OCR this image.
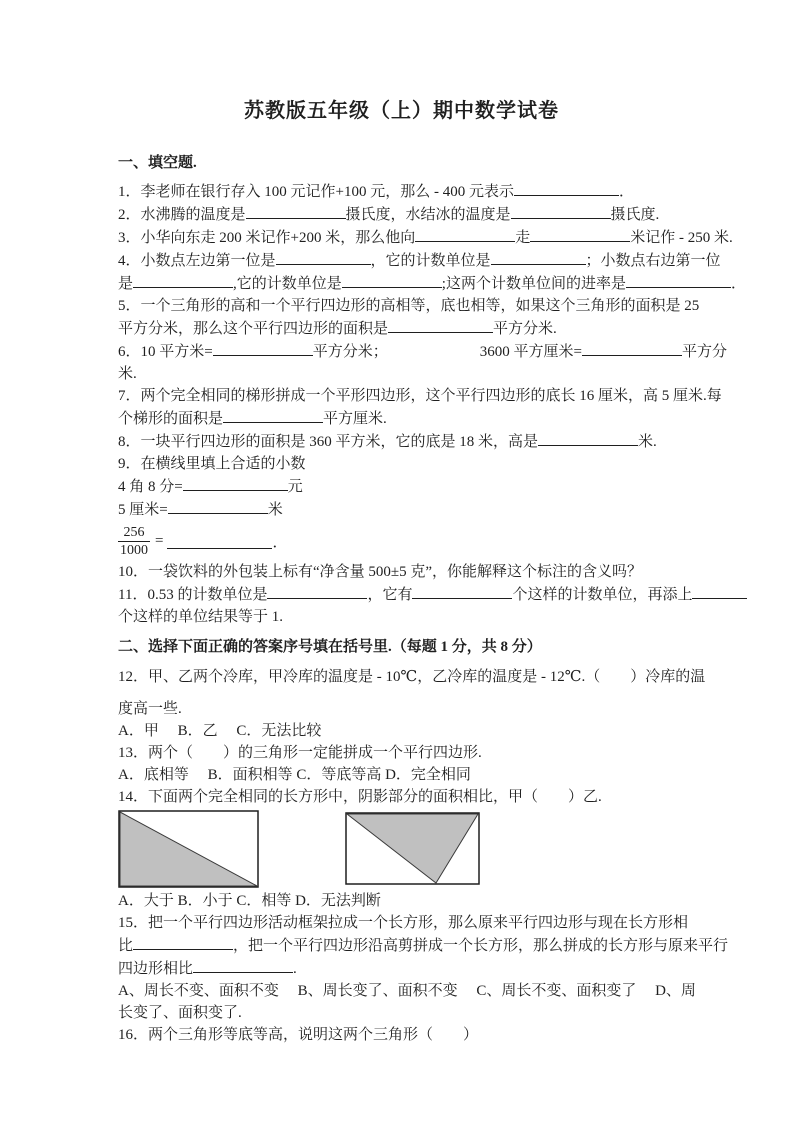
苏教版五年级（上）期中数学试卷
一、填空题.
1．李老师在银行存入 100 元记作+100 元，那么 - 400 元表示	．
2．水沸腾的温度是	摄氏度，水结冰的温度是	摄氏度.
3．小华向东走 200 米记作+200 米，那么他向	走	米记作 - 250 米.
4．小数点左边第一位是	，它的计数单位是	；小数点右边第一位
是	,它的计数单位是	;这两个计数单位间的进率是	．
5．一个三角形的高和一个平行四边形的高相等，底也相等，如果这个三角形的面积是 25
平方分米，那么这个平行四边形的面积是	平方分米.
6．10 平方米=	平方分米；	3600 平方厘米=	平方分
米.
7．两个完全相同的梯形拼成一个平形四边形，这个平行四边形的底长 16 厘米，高 5 厘米.每
个梯形的面积是	平方厘米.
8．一块平行四边形的面积是 360 平方米，它的底是 18 米，高是	米.
9．在横线里填上合适的小数
4 角 8 分=	元
5 厘米=	米
$\frac{256}{1000}$ =	．
10．一袋饮料的外包装上标有“净含量 500±5 克”，你能解释这个标注的含义吗？
11．0.53 的计数单位是	，它有	个这样的计数单位，再添上
个这样的单位结果等于 1.
二、选择下面正确的答案序号填在括号里.（每题 1 分，共 8 分）
12．甲、乙两个冷库，甲冷库的温度是 - 10℃，乙冷库的温度是 - 12℃.（　　）冷库的温
度高一些.
A．甲　 B．乙　 C．无法比较
13．两个（　　）的三角形一定能拼成一个平行四边形.
A．底相等　 B．面积相等 C．等底等高 D．完全相同
14．下面两个完全相同的长方形中，阴影部分的面积相比，甲（　　）乙.
A．大于 B．小于 C．相等 D．无法判断
15．把一个平行四边形活动框架拉成一个长方形，那么原来平行四边形与现在长方形相
比	，把一个平行四边形沿高剪拼成一个长方形，那么拼成的长方形与原来平行
四边形相比	.
A、周长不变、面积不变　 B、周长变了、面积不变　 C、周长不变、面积变了　 D、周
长变了、面积变了.
16．两个三角形等底等高，说明这两个三角形（　　）
